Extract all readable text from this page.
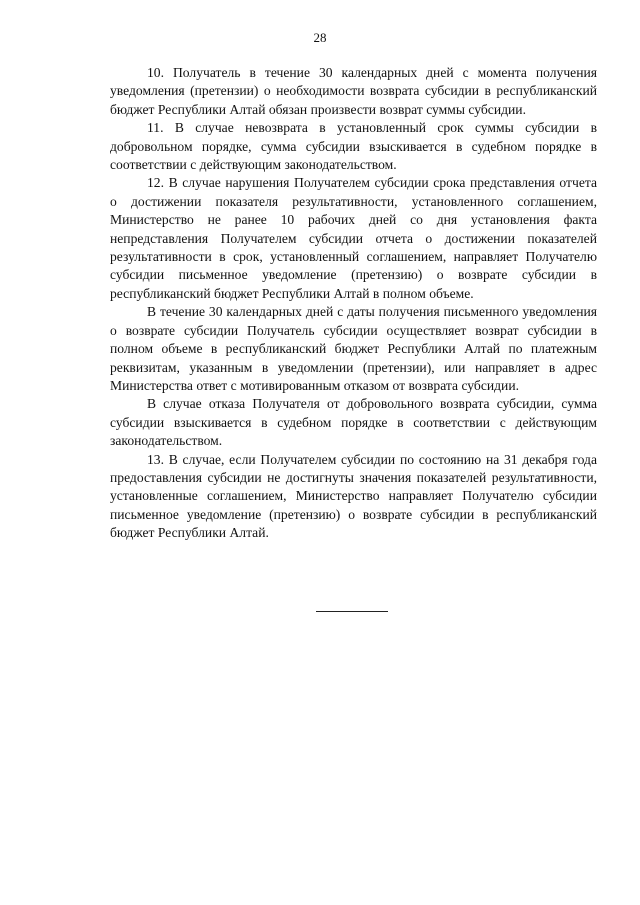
28

10. Получатель в течение 30 календарных дней с момента получения уведомления (претензии) о необходимости возврата субсидии в республиканский бюджет Республики Алтай обязан произвести возврат суммы субсидии.

11. В случае невозврата в установленный срок суммы субсидии в добровольном порядке, сумма субсидии взыскивается в судебном порядке в соответствии с действующим законодательством.

12. В случае нарушения Получателем субсидии срока представления отчета о достижении показателя результативности, установленного соглашением, Министерство не ранее 10 рабочих дней со дня установления факта непредставления Получателем субсидии отчета о достижении показателей результативности в срок, установленный соглашением, направляет Получателю субсидии письменное уведомление (претензию) о возврате субсидии в республиканский бюджет Республики Алтай в полном объеме.

В течение 30 календарных дней с даты получения письменного уведомления о возврате субсидии Получатель субсидии осуществляет возврат субсидии в полном объеме в республиканский бюджет Республики Алтай по платежным реквизитам, указанным в уведомлении (претензии), или направляет в адрес Министерства ответ с мотивированным отказом от возврата субсидии.

В случае отказа Получателя от добровольного возврата субсидии, сумма субсидии взыскивается в судебном порядке в соответствии с действующим законодательством.

13. В случае, если Получателем субсидии по состоянию на 31 декабря года предоставления субсидии не достигнуты значения показателей результативности, установленные соглашением, Министерство направляет Получателю субсидии письменное уведомление (претензию) о возврате субсидии в республиканский бюджет Республики Алтай.
